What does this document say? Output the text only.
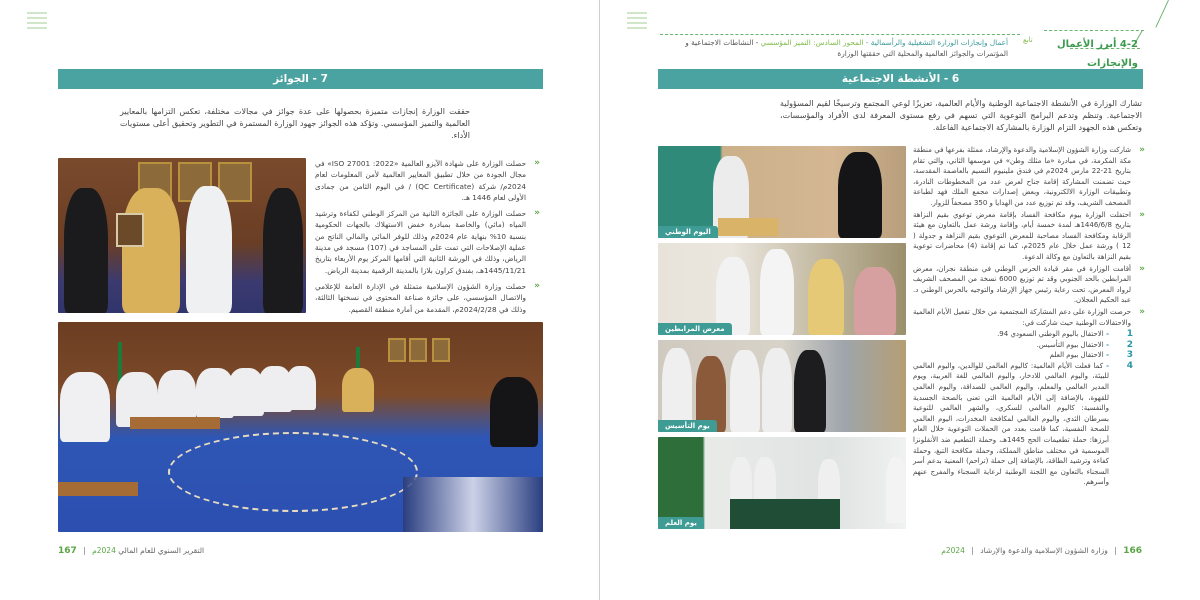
7 - الجوائز

حققت الوزارة إنجازات متميزة بحصولها على عدة جوائز في مجالات مختلفة، تعكس التزامها بالمعايير العالمية والتميز المؤسسي. وتؤكد هذه الجوائز جهود الوزارة المستمرة في التطوير وتحقيق أعلى مستويات الأداء.

«
حصلت الوزارة على شهادة الآيزو العالمية «2022: ISO 27001» في مجال الجودة من خلال تطبيق المعايير العالمية لأمن المعلومات لعام 2024م/ شركة (QC Certificate) / في اليوم الثامن من جمادى الأولى لعام 1446 هـ.
«
حصلت الوزارة على الجائزة الثانية من المركز الوطني لكفاءة وترشيد المياه (مائي) والخاصة بمبادرة خفض الاستهلاك بالجهات الحكومية بنسبة 10% بنهاية عام 2024م وذلك للوفر المائي والمالي الناتج من عملية الإصلاحات التي تمت على المساجد في (107) مسجد في مدينة الرياض، وذلك في الورشة الثانية التي أقامها المركز يوم الأربعاء بتاريخ 1445/11/21هـ، بفندق كراون بلازا بالمدينة الرقمية بمدينة الرياض.
«
حصلت وزارة الشؤون الإسلامية متمثلة في الإدارة العامة للإعلامي والاتصال المؤسسي، على جائزة صناعة المحتوى في نسختها الثالثة، وذلك في 2024/2/28م، المقدمة من أمارة منطقة القصيم.
التقرير السنوي للعام المالي 2024م | 167
4-2 أبرز الأعمال والإنجازات
تابع
أعمال وإنجازات الوزارة التشغيلية والرأسمالية - المحور السادس: التميز المؤسسي - النشاطات الاجتماعية و المؤتمرات والجوائز العالمية والمحلية التي حققتها الوزارة
6 - الأنشطة الاجتماعية

تشارك الوزارة في الأنشطة الاجتماعية الوطنية والأيام العالمية، تعزيزًا لوعي المجتمع وترسيخًا لقيم المسؤولية الاجتماعية. وتنظم وتدعم البرامج التوعوية التي تسهم في رفع مستوى المعرفة لدى الأفراد والمؤسسات، وتعكس هذه الجهود التزام الوزارة بالمشاركة الاجتماعية الفاعلة.

اليوم الوطني
معرض المرابطين
يوم التأسيس
يوم العلم
«
شاركت وزارة الشؤون الإسلامية والدعوة والإرشاد، ممثلة بفرعها في منطقة مكة المكرمة، في مبادرة «ما مثلك وطن» في موسمها الثاني، والتي تقام بتاريخ 21-22 مارس 2024م في فندق ملينيوم النسيم بالعاصمة المقدسة، حيث تضمنت المشاركة إقامة جناح لعرض عدد من المخطوطات النادرة، وتطبيقات الوزارة الالكترونية، وبعض إصدارات مجمع الملك فهد لطباعة المصحف الشريف، وقد تم توزيع عدد من الهدايا و 350 مصحفاً للزوار.
«
احتفلت الوزارة بيوم مكافحة الفساد بإقامة معرض توعوي بقيم النزاهة بتاريخ 1446/6/8هـ لمدة خمسة أيام، وإقامة ورشة عمل بالتعاون مع هيئة الرقابة ومكافحة الفساد مصاحبة للمعرض التوعوي بقيم النزاهة و جدولة ( 12 ) ورشة عمل خلال عام 2025م، كما تم إقامة (4) محاضرات توعوية بقيم النزاهة بالتعاون مع وكالة الدعوة.
«
أقامت الوزارة في مقر قيادة الحرس الوطني في منطقة نجران، معرض المرابطين بالحد الجنوبي وقد تم توزيع 6000 نسخة من المصحف الشريف لرواد المعرض، تحت رعاية رئيس جهاز الإرشاد والتوجيه بالحرس الوطني د. عبد الحكيم العجلان.
«
حرصت الوزارة على دعم المشاركة المجتمعية من خلال تفعيل الأيام العالمية والاحتفالات الوطنية حيث شاركت في:
1
- الاحتفال باليوم الوطني السعودي 94.
2
- الاحتفال بيوم التأسيس.
3
- الاحتفال بيوم العلم
4
- كما فعلت الأيام العالمية: كاليوم العالمي للوالدين، واليوم العالمي للبيئة، واليوم العالمي للادخار، واليوم العالمي للغة العربية، ويوم المدير العالمي والمعلم، واليوم العالمي للصداقة، واليوم العالمي للقهوة، بالإضافة إلى الأيام العالمية التي تعنى بالصحة الجسدية والنفسية: كاليوم العالمي للسكري، والشهر العالمي للتوعية بسرطان الثدي، واليوم العالمي لمكافحة المخدرات، اليوم العالمي للصحة النفسية، كما قامت بعدد من الحملات التوعوية خلال العام أبرزها: حملة تطعيمات الحج 1445هـ، وحملة التطعيم ضد الأنفلونزا الموسمية في مختلف مناطق المملكة، وحملة مكافحة التبغ، وحملة كفاءة وترشيد الطاقة، بالإضافة إلى حملة (تراحم) المعنية بدعم أسر السجناء بالتعاون مع اللجنة الوطنية لرعاية السجناء والمفرج عنهم وأسرهم.
166 | وزارة الشؤون الإسلامية والدعوة والإرشاد | 2024م
